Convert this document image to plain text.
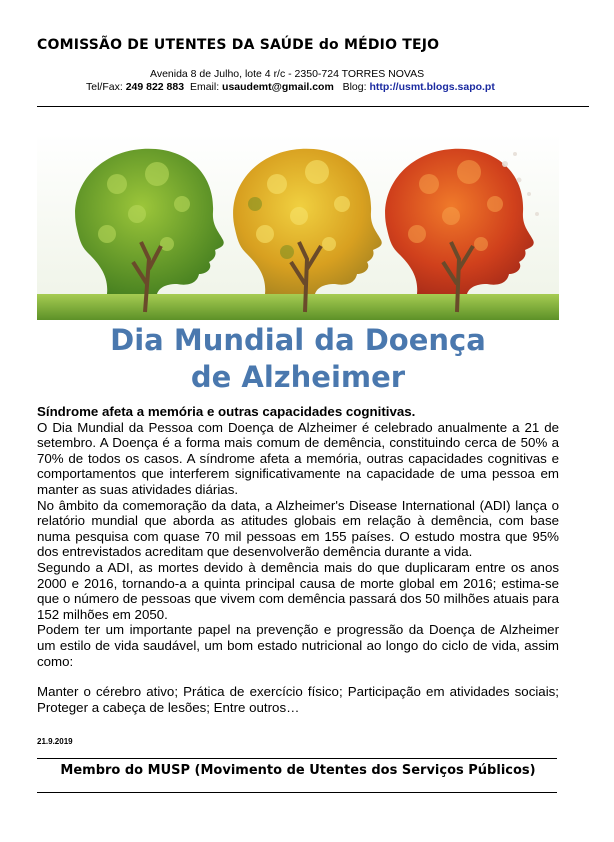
COMISSÃO DE UTENTES DA SAÚDE do MÉDIO TEJO
Avenida 8 de Julho, lote 4 r/c - 2350-724 TORRES NOVAS
Tel/Fax: 249 822 883 Email: usaudemt@gmail.com Blog: http://usmt.blogs.sapo.pt
Dia Mundial da Doença
de Alzheimer

Síndrome afeta a memória e outras capacidades cognitivas.

O Dia Mundial da Pessoa com Doença de Alzheimer é celebrado anualmente a 21 de setembro. A Doença é a forma mais comum de demência, constituindo cerca de 50% a 70% de todos os casos. A síndrome afeta a memória, outras capacidades cognitivas e comportamentos que interferem significativamente na capacidade de uma pessoa em manter as suas atividades diárias.

No âmbito da comemoração da data, a Alzheimer's Disease International (ADI) lança o relatório mundial que aborda as atitudes globais em relação à demência, com base numa pesquisa com quase 70 mil pessoas em 155 países. O estudo mostra que 95% dos entrevistados acreditam que desenvolverão demência durante a vida.

Segundo a ADI, as mortes devido à demência mais do que duplicaram entre os anos 2000 e 2016, tornando-a a quinta principal causa de morte global em 2016; estima-se que o número de pessoas que vivem com demência passará dos 50 milhões atuais para 152 milhões em 2050.

Podem ter um importante papel na prevenção e progressão da Doença de Alzheimer um estilo de vida saudável, um bom estado nutricional ao longo do ciclo de vida, assim como:

Manter o cérebro ativo; Prática de exercício físico; Participação em atividades sociais; Proteger a cabeça de lesões; Entre outros…

21.9.2019
Membro do MUSP (Movimento de Utentes dos Serviços Públicos)
